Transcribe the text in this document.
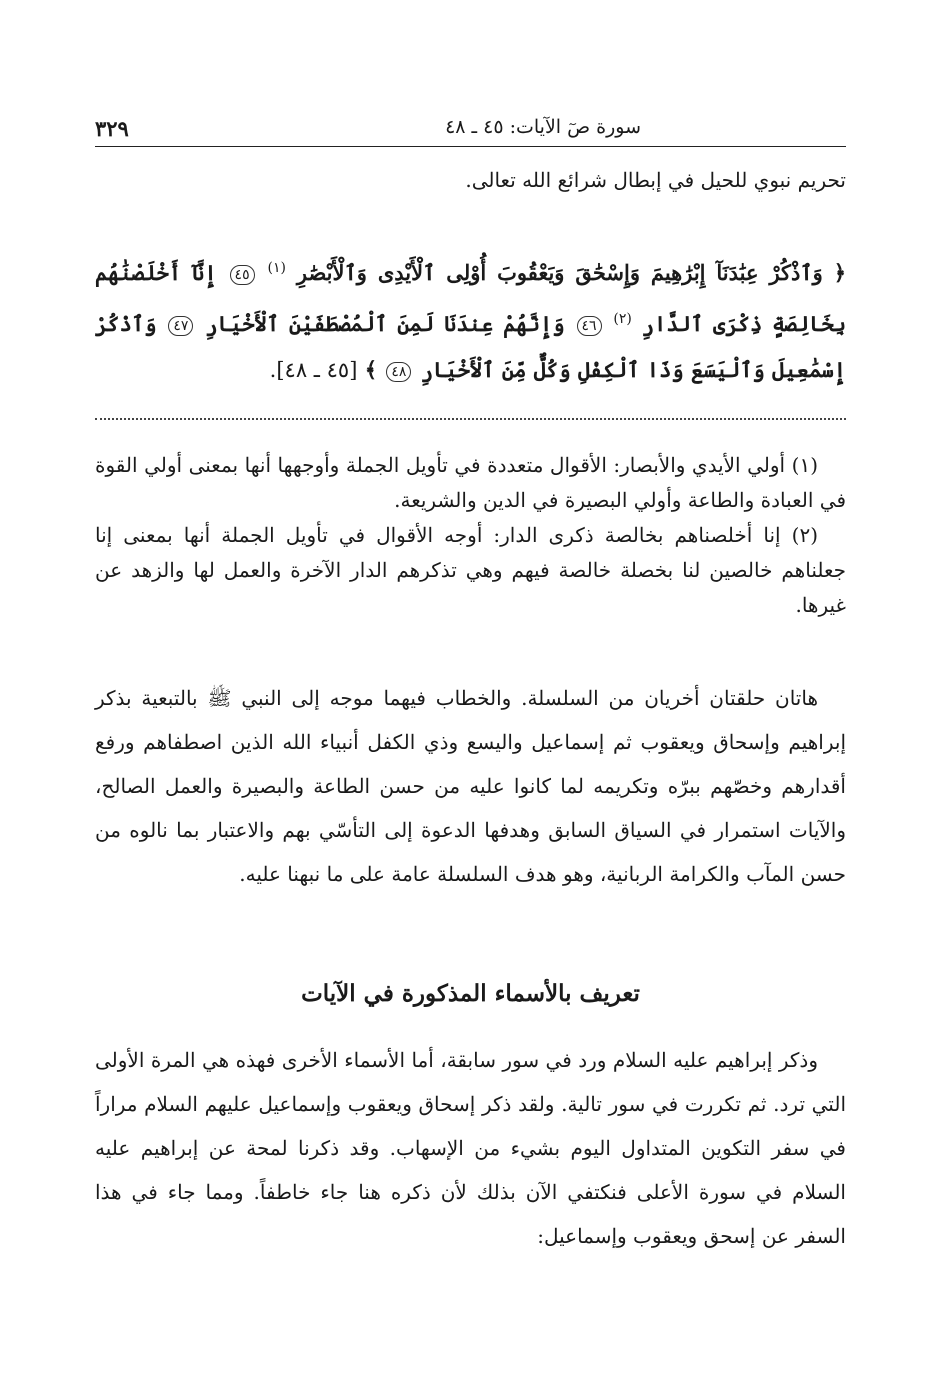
سورة صٓ الآيات: ٤٥ ـ ٤٨
٣٢٩
تحريم نبوي للحيل في إبطال شرائع الله تعالى.
﴿ وَٱذْكُرْ عِبَٰدَنَآ إِبْرَٰهِيمَ وَإِسْحَٰقَ وَيَعْقُوبَ أُوْلِى ٱلْأَيْدِى وَٱلْأَبْصَٰرِ $^{(١)}$ ٤٥ إِنَّآ أَخْلَصْنَٰهُم بِخَالِصَةٍ ذِكْرَى ٱلدَّارِ $^{(٢)}$ ٤٦ وَإِنَّهُمْ عِندَنَا لَمِنَ ٱلْمُصْطَفَيْنَ ٱلْأَخْيَارِ ٤٧ وَٱذْكُرْ إِسْمَٰعِيلَ وَٱلْيَسَعَ وَذَا ٱلْكِفْلِ وَكُلٌّ مِّنَ ٱلْأَخْيَارِ ٤٨ ﴾ [٤٥ ـ ٤٨].

(١) أولي الأيدي والأبصار: الأقوال متعددة في تأويل الجملة وأوجهها أنها بمعنى أولي القوة في العبادة والطاعة وأولي البصيرة في الدين والشريعة.

(٢) إنا أخلصناهم بخالصة ذكرى الدار: أوجه الأقوال في تأويل الجملة أنها بمعنى إنا جعلناهم خالصين لنا بخصلة خالصة فيهم وهي تذكرهم الدار الآخرة والعمل لها والزهد عن غيرها.

هاتان حلقتان أخريان من السلسلة. والخطاب فيهما موجه إلى النبي ﷺ بالتبعية بذكر إبراهيم وإسحاق ويعقوب ثم إسماعيل واليسع وذي الكفل أنبياء الله الذين اصطفاهم ورفع أقدارهم وخصّهم ببرّه وتكريمه لما كانوا عليه من حسن الطاعة والبصيرة والعمل الصالح، والآيات استمرار في السياق السابق وهدفها الدعوة إلى التأسّي بهم والاعتبار بما نالوه من حسن المآب والكرامة الربانية، وهو هدف السلسلة عامة على ما نبهنا عليه.

تعريف بالأسماء المذكورة في الآيات

وذكر إبراهيم عليه السلام ورد في سور سابقة، أما الأسماء الأخرى فهذه هي المرة الأولى التي ترد. ثم تكررت في سور تالية. ولقد ذكر إسحاق ويعقوب وإسماعيل عليهم السلام مراراً في سفر التكوين المتداول اليوم بشيء من الإسهاب. وقد ذكرنا لمحة عن إبراهيم عليه السلام في سورة الأعلى فنكتفي الآن بذلك لأن ذكره هنا جاء خاطفاً. ومما جاء في هذا السفر عن إسحق ويعقوب وإسماعيل:
